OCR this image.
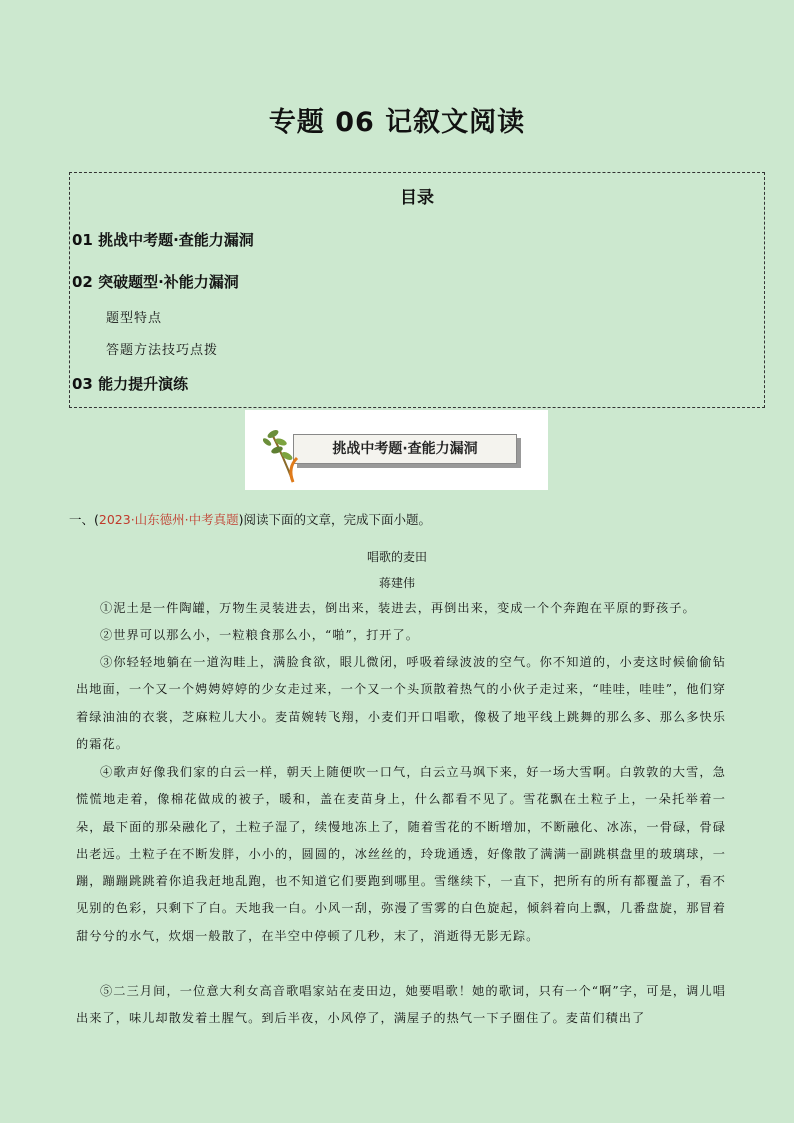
专题 06 记叙文阅读
目录
01 挑战中考题·查能力漏洞
02 突破题型·补能力漏洞
题型特点
答题方法技巧点拨
03 能力提升演练
挑战中考题·查能力漏洞
一、(2023·山东德州·中考真题)阅读下面的文章，完成下面小题。
唱歌的麦田
蒋建伟

①泥土是一件陶罐，万物生灵装进去，倒出来，装进去，再倒出来，变成一个个奔跑在平原的野孩子。

②世界可以那么小，一粒粮食那么小，“啪”，打开了。

③你轻轻地躺在一道沟畦上，满脸食欲，眼儿微闭，呼吸着绿波波的空气。你不知道的，小麦这时候偷偷钻出地面，一个又一个娉娉婷婷的少女走过来，一个又一个头顶散着热气的小伙子走过来，“哇哇，哇哇”，他们穿着绿油油的衣裳，芝麻粒儿大小。麦苗婉转飞翔，小麦们开口唱歌，像极了地平线上跳舞的那么多、那么多快乐的霜花。

④歌声好像我们家的白云一样，朝天上随便吹一口气，白云立马飒下来，好一场大雪啊。白敦敦的大雪，急慌慌地走着，像棉花做成的被子，暖和，盖在麦苗身上，什么都看不见了。雪花飘在土粒子上，一朵托举着一朵，最下面的那朵融化了，土粒子湿了，续慢地冻上了，随着雪花的不断增加，不断融化、冰冻，一骨碌，骨碌出老远。土粒子在不断发胖，小小的，圆圆的，冰丝丝的，玲珑通透，好像散了满满一副跳棋盘里的玻璃球，一蹦，蹦蹦跳跳着你追我赶地乱跑，也不知道它们要跑到哪里。雪继续下，一直下，把所有的所有都覆盖了，看不见别的色彩，只剩下了白。天地我一白。小风一刮，弥漫了雪雾的白色旋起，倾斜着向上飘，几番盘旋，那冒着甜兮兮的水气，炊烟一般散了，在半空中停顿了几秒，末了，消逝得无影无踪。

⑤二三月间，一位意大利女高音歌唱家站在麦田边，她要唱歌！她的歌词，只有一个“啊”字，可是，调儿唱出来了，味儿却散发着土腥气。到后半夜，小风停了，满屋子的热气一下子圈住了。麦苗们積出了
